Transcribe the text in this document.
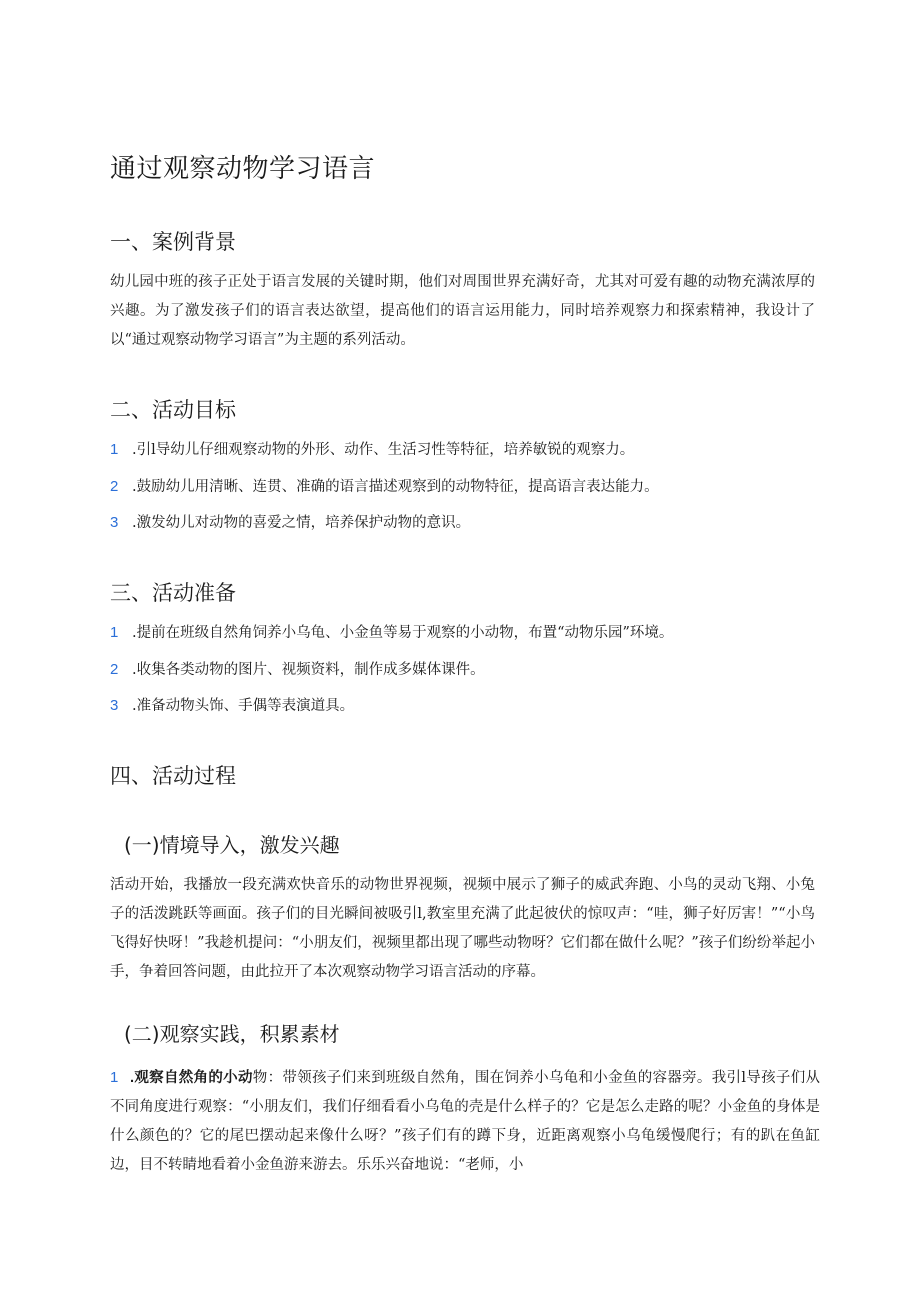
通过观察动物学习语言
一、案例背景

幼儿园中班的孩子正处于语言发展的关键时期，他们对周围世界充满好奇，尤其对可爱有趣的动物充满浓厚的兴趣。为了激发孩子们的语言表达欲望，提高他们的语言运用能力，同时培养观察力和探索精神，我设计了以“通过观察动物学习语言”为主题的系列活动。

二、活动目标
1 .引l导幼儿仔细观察动物的外形、动作、生活习性等特征，培养敏锐的观察力。
2 .鼓励幼儿用清晰、连贯、准确的语言描述观察到的动物特征，提高语言表达能力。
3 .激发幼儿对动物的喜爱之情，培养保护动物的意识。
三、活动准备
1 .提前在班级自然角饲养小乌龟、小金鱼等易于观察的小动物，布置“动物乐园”环境。
2 .收集各类动物的图片、视频资料，制作成多媒体课件。
3 .准备动物头饰、手偶等表演道具。
四、活动过程
(一)情境导入，激发兴趣

活动开始，我播放一段充满欢快音乐的动物世界视频，视频中展示了狮子的威武奔跑、小鸟的灵动飞翔、小兔子的活泼跳跃等画面。孩子们的目光瞬间被吸引l,教室里充满了此起彼伏的惊叹声：“哇，狮子好厉害！”“小鸟飞得好快呀！”我趁机提问：“小朋友们，视频里都出现了哪些动物呀？它们都在做什么呢？”孩子们纷纷举起小手，争着回答问题，由此拉开了本次观察动物学习语言活动的序幕。

(二)观察实践，积累素材

1 .观察自然角的小动物：带领孩子们来到班级自然角，围在饲养小乌龟和小金鱼的容器旁。我引l导孩子们从不同角度进行观察：“小朋友们，我们仔细看看小乌龟的壳是什么样子的？它是怎么走路的呢？小金鱼的身体是什么颜色的？它的尾巴摆动起来像什么呀？”孩子们有的蹲下身，近距离观察小乌龟缓慢爬行；有的趴在鱼缸边，目不转睛地看着小金鱼游来游去。乐乐兴奋地说：“老师，小
